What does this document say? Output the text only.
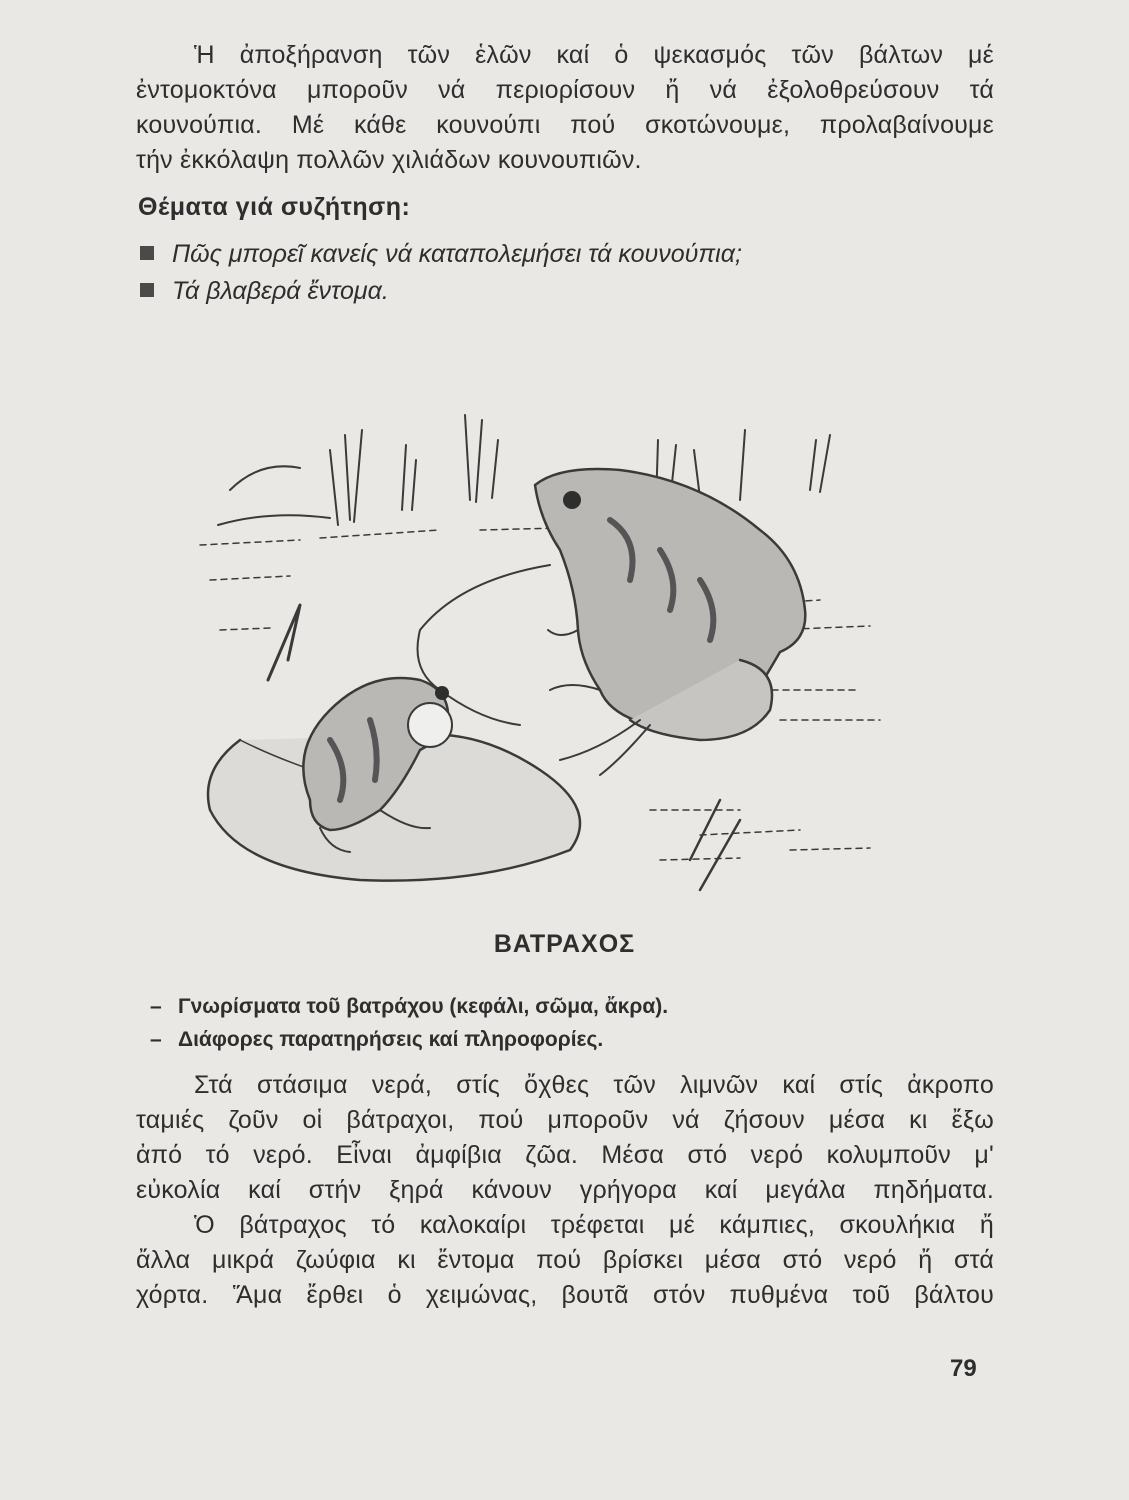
Ἡ ἀποξήρανση τῶν ἑλῶν καί ὁ ψεκασμός τῶν βάλτων μέ
ἐντομοκτόνα μποροῦν νά περιορίσουν ἤ νά ἐξολοθρεύσουν τά
κουνούπια. Μέ κάθε κουνούπι πού σκοτώνουμε, προλαβαίνουμε
τήν ἐκκόλαψη πολλῶν χιλιάδων κουνουπιῶν.
Θέματα γιά συζήτηση:
Πῶς μπορεῖ κανείς νά καταπολεμήσει τά κουνούπια;
Τά βλαβερά ἔντομα.
ΒΑΤΡΑΧΟΣ
– Γνωρίσματα τοῦ βατράχου (κεφάλι, σῶμα, ἄκρα).
– Διάφορες παρατηρήσεις καί πληροφορίες.
Στά στάσιμα νερά, στίς ὄχθες τῶν λιμνῶν καί στίς ἀκροπο
ταμιές ζοῦν οἱ βάτραχοι, πού μποροῦν νά ζήσουν μέσα κι ἔξω
ἀπό τό νερό. Εἶναι ἀμφίβια ζῶα. Μέσα στό νερό κολυμποῦν μ'
εὐκολία καί στήν ξηρά κάνουν γρήγορα καί μεγάλα πηδήματα.
Ὁ βάτραχος τό καλοκαίρι τρέφεται μέ κάμπιες, σκουλήκια ἤ
ἄλλα μικρά ζωύφια κι ἔντομα πού βρίσκει μέσα στό νερό ἤ στά
χόρτα. Ἅμα ἔρθει ὁ χειμώνας, βουτᾶ στόν πυθμένα τοῦ βάλτου
79
